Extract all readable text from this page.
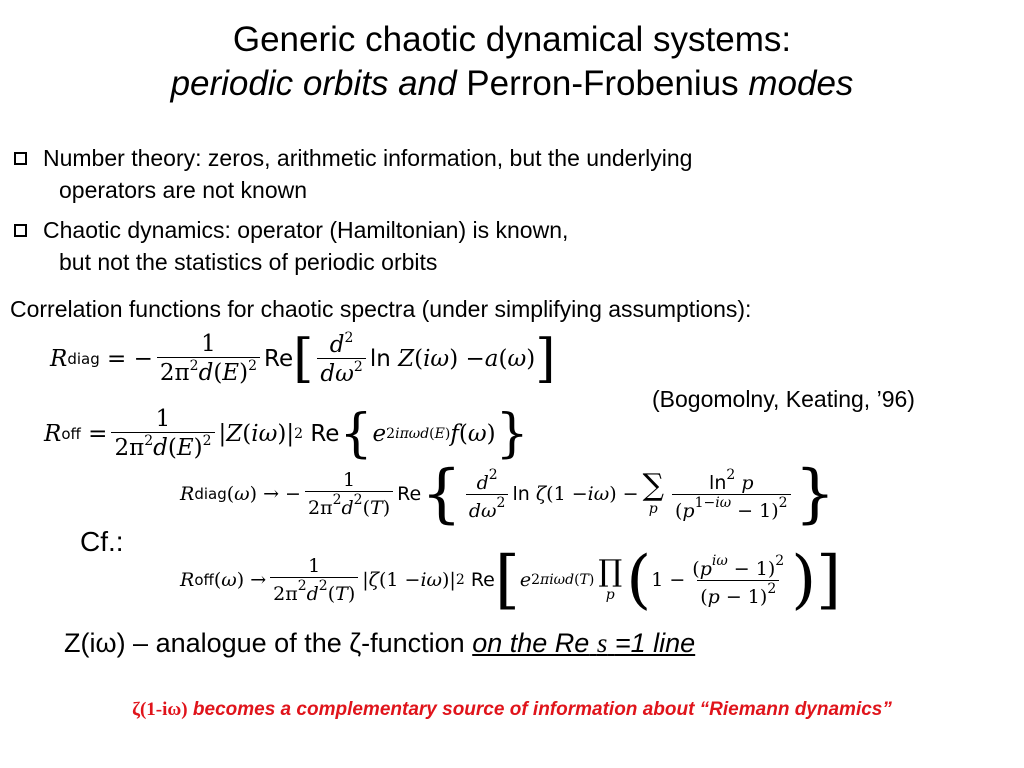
Generic chaotic dynamical systems:
periodic orbits and Perron-Frobenius modes
Number theory: zeros, arithmetic information, but the underlying
operators are not known
Chaotic dynamics: operator (Hamiltonian) is known,
but not the statistics of periodic orbits
Correlation functions for chaotic spectra (under simplifying assumptions):
R diag = − $\frac{1}{2\pi^2d(E)^2}$ Re [ $\frac{d^2}{d\omega^2}$ ln
Z ( iω ) − a ( ω ) ]
(Bogomolny, Keating, ’96)
R off = $\frac{1}{2\pi^2d(E)^2}$ | Z ( iω )| 2
Re { e 2iπωd(E) f ( ω ) }
Cf.:
R diag ( ω ) → − $\frac{1}{2\pi^2d^2(T)}$ Re { $\frac{d^2}{d\omega^2}$ ln
ζ (1 − iω ) − ∑
p $\frac{\ln^2 p}{(p^{1-i\omega} - 1)^2}$ }
R off ( ω ) → $\frac{1}{2\pi^2d^2(T)}$ | ζ (1 − iω )| 2
Re [ e 2πiωd(T) ∏
p ( $1 - \frac{(p^{i\omega} - 1)^2}{(p - 1)^2}$ ) ]
Z(iω) – analogue of the ζ-function on the Re s =1 line
ζ(1-iω) becomes a complementary source of information about “Riemann dynamics”
